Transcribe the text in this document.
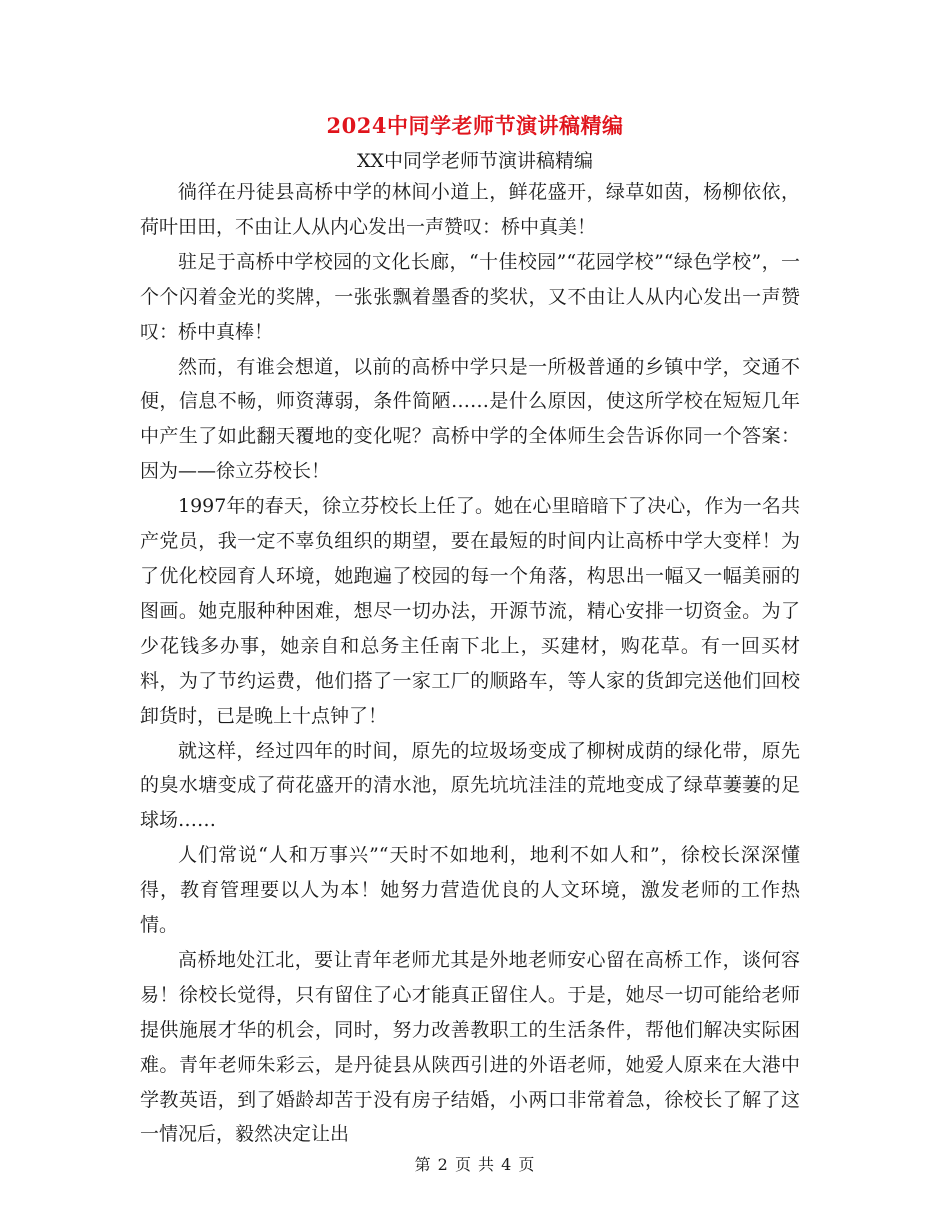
2024中同学老师节演讲稿精编
XX中同学老师节演讲稿精编

徜徉在丹徒县高桥中学的林间小道上，鲜花盛开，绿草如茵，杨柳依依，荷叶田田，不由让人从内心发出一声赞叹：桥中真美！

驻足于高桥中学校园的文化长廊，“十佳校园”“花园学校”“绿色学校”，一个个闪着金光的奖牌，一张张飘着墨香的奖状，又不由让人从内心发出一声赞叹：桥中真棒！

然而，有谁会想道，以前的高桥中学只是一所极普通的乡镇中学，交通不便，信息不畅，师资薄弱，条件简陋……是什么原因，使这所学校在短短几年中产生了如此翻天覆地的变化呢？高桥中学的全体师生会告诉你同一个答案：因为——徐立芬校长！

1997年的春天，徐立芬校长上任了。她在心里暗暗下了决心，作为一名共产党员，我一定不辜负组织的期望，要在最短的时间内让高桥中学大变样！为了优化校园育人环境，她跑遍了校园的每一个角落，构思出一幅又一幅美丽的图画。她克服种种困难，想尽一切办法，开源节流，精心安排一切资金。为了少花钱多办事，她亲自和总务主任南下北上，买建材，购花草。有一回买材料，为了节约运费，他们搭了一家工厂的顺路车，等人家的货卸完送他们回校卸货时，已是晚上十点钟了！

就这样，经过四年的时间，原先的垃圾场变成了柳树成荫的绿化带，原先的臭水塘变成了荷花盛开的清水池，原先坑坑洼洼的荒地变成了绿草萋萋的足球场……

人们常说“人和万事兴”“天时不如地利，地利不如人和”，徐校长深深懂得，教育管理要以人为本！她努力营造优良的人文环境，激发老师的工作热情。

高桥地处江北，要让青年老师尤其是外地老师安心留在高桥工作，谈何容易！徐校长觉得，只有留住了心才能真正留住人。于是，她尽一切可能给老师提供施展才华的机会，同时，努力改善教职工的生活条件，帮他们解决实际困难。青年老师朱彩云，是丹徒县从陕西引进的外语老师，她爱人原来在大港中学教英语，到了婚龄却苦于没有房子结婚，小两口非常着急，徐校长了解了这一情况后，毅然决定让出

第 2 页 共 4 页
